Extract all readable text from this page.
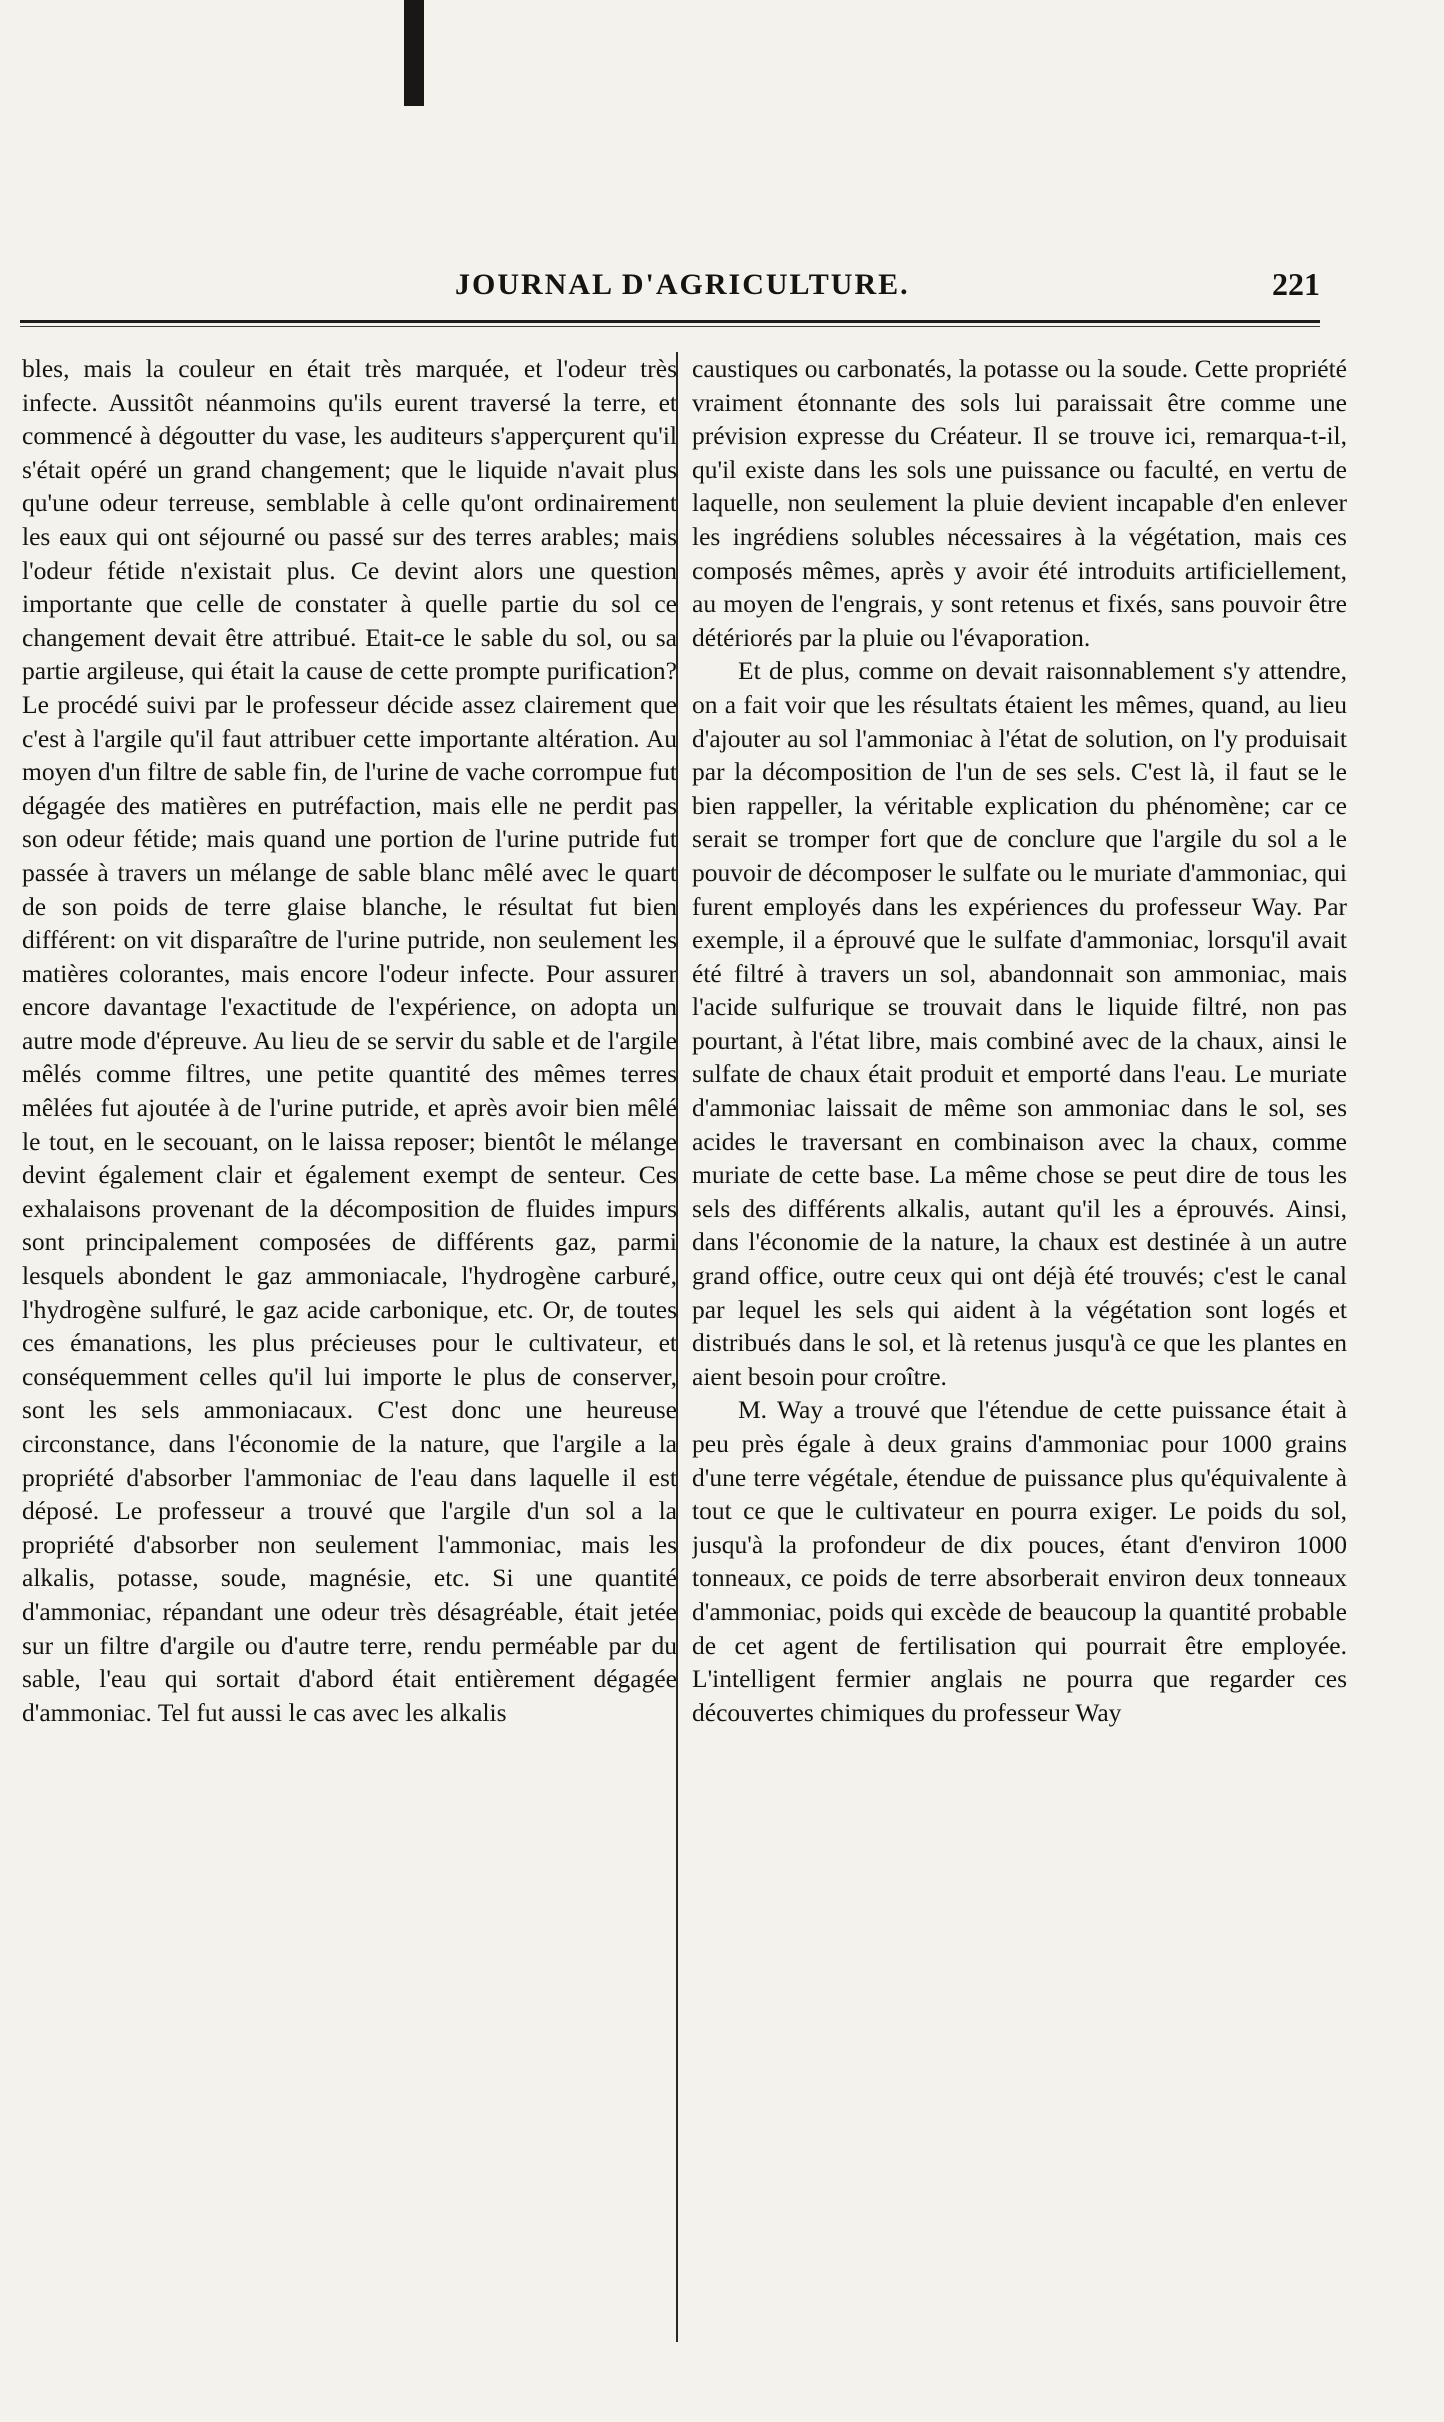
JOURNAL D'AGRICULTURE.	221

bles, mais la couleur en était très marquée, et l'odeur très infecte. Aussitôt néanmoins qu'ils eurent traversé la terre, et commencé à dégoutter du vase, les auditeurs s'apperçurent qu'il s'était opéré un grand changement; que le liquide n'avait plus qu'une odeur terreuse, semblable à celle qu'ont ordinairement les eaux qui ont séjourné ou passé sur des terres arables; mais l'odeur fétide n'existait plus. Ce devint alors une question importante que celle de constater à quelle partie du sol ce changement devait être attribué. Etait-ce le sable du sol, ou sa partie argileuse, qui était la cause de cette prompte purification? Le procédé suivi par le professeur décide assez clairement que c'est à l'argile qu'il faut attribuer cette importante altération. Au moyen d'un filtre de sable fin, de l'urine de vache corrompue fut dégagée des matières en putréfaction, mais elle ne perdit pas son odeur fétide; mais quand une portion de l'urine putride fut passée à travers un mélange de sable blanc mêlé avec le quart de son poids de terre glaise blanche, le résultat fut bien différent: on vit disparaître de l'urine putride, non seulement les matières colorantes, mais encore l'odeur infecte. Pour assurer encore davantage l'exactitude de l'expérience, on adopta un autre mode d'épreuve. Au lieu de se servir du sable et de l'argile mêlés comme filtres, une petite quantité des mêmes terres mêlées fut ajoutée à de l'urine putride, et après avoir bien mêlé le tout, en le secouant, on le laissa reposer; bientôt le mélange devint également clair et également exempt de senteur. Ces exhalaisons provenant de la décomposition de fluides impurs sont principalement composées de différents gaz, parmi lesquels abondent le gaz ammoniacale, l'hydrogène carburé, l'hydrogène sulfuré, le gaz acide carbonique, etc. Or, de toutes ces émanations, les plus précieuses pour le cultivateur, et conséquemment celles qu'il lui importe le plus de conserver, sont les sels ammoniacaux. C'est donc une heureuse circonstance, dans l'économie de la nature, que l'argile a la propriété d'absorber l'ammoniac de l'eau dans laquelle il est déposé. Le professeur a trouvé que l'argile d'un sol a la propriété d'absorber non seulement l'ammoniac, mais les alkalis, potasse, soude, magnésie, etc. Si une quantité d'ammoniac, répandant une odeur très désagréable, était jetée sur un filtre d'argile ou d'autre terre, rendu perméable par du sable, l'eau qui sortait d'abord était entièrement dégagée d'ammoniac. Tel fut aussi le cas avec les alkalis

caustiques ou carbonatés, la potasse ou la soude. Cette propriété vraiment étonnante des sols lui paraissait être comme une prévision expresse du Créateur. Il se trouve ici, remarqua-t-il, qu'il existe dans les sols une puissance ou faculté, en vertu de laquelle, non seulement la pluie devient incapable d'en enlever les ingrédiens solubles nécessaires à la végétation, mais ces composés mêmes, après y avoir été introduits artificiellement, au moyen de l'engrais, y sont retenus et fixés, sans pouvoir être détériorés par la pluie ou l'évaporation.

Et de plus, comme on devait raisonnablement s'y attendre, on a fait voir que les résultats étaient les mêmes, quand, au lieu d'ajouter au sol l'ammoniac à l'état de solution, on l'y produisait par la décomposition de l'un de ses sels. C'est là, il faut se le bien rappeller, la véritable explication du phénomène; car ce serait se tromper fort que de conclure que l'argile du sol a le pouvoir de décomposer le sulfate ou le muriate d'ammoniac, qui furent employés dans les expériences du professeur Way. Par exemple, il a éprouvé que le sulfate d'ammoniac, lorsqu'il avait été filtré à travers un sol, abandonnait son ammoniac, mais l'acide sulfurique se trouvait dans le liquide filtré, non pas pourtant, à l'état libre, mais combiné avec de la chaux, ainsi le sulfate de chaux était produit et emporté dans l'eau. Le muriate d'ammoniac laissait de même son ammoniac dans le sol, ses acides le traversant en combinaison avec la chaux, comme muriate de cette base. La même chose se peut dire de tous les sels des différents alkalis, autant qu'il les a éprouvés. Ainsi, dans l'économie de la nature, la chaux est destinée à un autre grand office, outre ceux qui ont déjà été trouvés; c'est le canal par lequel les sels qui aident à la végétation sont logés et distribués dans le sol, et là retenus jusqu'à ce que les plantes en aient besoin pour croître.

M. Way a trouvé que l'étendue de cette puissance était à peu près égale à deux grains d'ammoniac pour 1000 grains d'une terre végétale, étendue de puissance plus qu'équivalente à tout ce que le cultivateur en pourra exiger. Le poids du sol, jusqu'à la profondeur de dix pouces, étant d'environ 1000 tonneaux, ce poids de terre absorberait environ deux tonneaux d'ammoniac, poids qui excède de beaucoup la quantité probable de cet agent de fertilisation qui pourrait être employée. L'intelligent fermier anglais ne pourra que regarder ces découvertes chimiques du professeur Way
